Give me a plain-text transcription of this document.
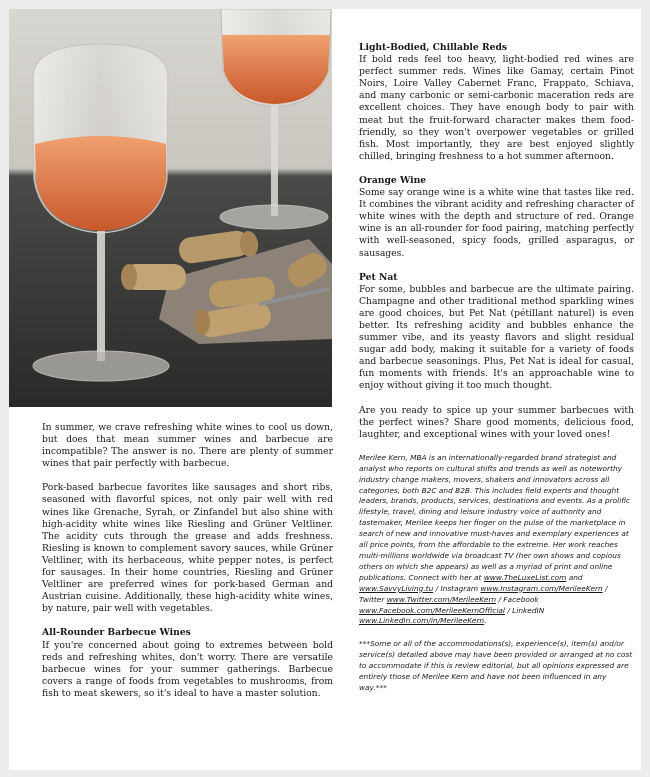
In summer, we crave refreshing white wines to cool us down, but does that mean summer wines and barbecue are incompatible? The answer is no. There are plenty of summer wines that pair perfectly with barbecue.

Pork-based barbecue favorites like sausages and short ribs, seasoned with flavorful spices, not only pair well with red wines like Grenache, Syrah, or Zinfandel but also shine with high-acidity white wines like Riesling and Grüner Veltliner. The acidity cuts through the grease and adds freshness. Riesling is known to complement savory sauces, while Grüner Veltliner, with its herbaceous, white pepper notes, is perfect for sausages. In their home countries, Riesling and Grüner Veltliner are preferred wines for pork-based German and Austrian cuisine. Additionally, these high-acidity white wines, by nature, pair well with vegetables.

All-Rounder Barbecue Wines

If you're concerned about going to extremes between bold reds and refreshing whites, don't worry. There are versatile barbecue wines for your summer gatherings. Barbecue covers a range of foods from vegetables to mushrooms, from fish to meat skewers, so it's ideal to have a master solution.

Light-Bodied, Chillable Reds

If bold reds feel too heavy, light-bodied red wines are perfect summer reds. Wines like Gamay, certain Pinot Noirs, Loire Valley Cabernet Franc, Frappato, Schiava, and many carbonic or semi-carbonic maceration reds are excellent choices. They have enough body to pair with meat but the fruit-forward character makes them food-friendly, so they won't overpower vegetables or grilled fish. Most importantly, they are best enjoyed slightly chilled, bringing freshness to a hot summer afternoon.

Orange Wine

Some say orange wine is a white wine that tastes like red. It combines the vibrant acidity and refreshing character of white wines with the depth and structure of red. Orange wine is an all-rounder for food pairing, matching perfectly with well-seasoned, spicy foods, grilled asparagus, or sausages.

Pet Nat

For some, bubbles and barbecue are the ultimate pairing. Champagne and other traditional method sparkling wines are good choices, but Pet Nat (pétillant naturel) is even better. Its refreshing acidity and bubbles enhance the summer vibe, and its yeasty flavors and slight residual sugar add body, making it suitable for a variety of foods and barbecue seasonings. Plus, Pet Nat is ideal for casual, fun moments with friends. It's an approachable wine to enjoy without giving it too much thought.

Are you ready to spice up your summer barbecues with the perfect wines? Share good moments, delicious food, laughter, and exceptional wines with your loved ones!

Merilee Kern, MBA is an internationally-regarded brand strategist and analyst who reports on cultural shifts and trends as well as noteworthy industry change makers, movers, shakers and innovators across all categories, both B2C and B2B. This includes field experts and thought leaders, brands, products, services, destinations and events. As a prolific lifestyle, travel, dining and leisure industry voice of authority and tastemaker, Merilee keeps her finger on the pulse of the marketplace in search of new and innovative must-haves and exemplary experiences at all price points, from the affordable to the extreme. Her work reaches multi-millions worldwide via broadcast TV (her own shows and copious others on which she appears) as well as a myriad of print and online publications. Connect with her at www.TheLuxeList.com and www.SavvyLiving.tu / Instagram www.Instagram.com/MerileeKern / Twitter www.Twitter.com/MerileeKern / Facebook www.Facebook.com/MerileeKernOfficial / LinkedIN www.LinkedIn.com/in/MerileeKern.

***Some or all of the accommodations(s), experience(s), item(s) and/or service(s) detailed above may have been provided or arranged at no cost to accommodate if this is review editorial, but all opinions expressed are entirely those of Merilee Kern and have not been influenced in any way.***
